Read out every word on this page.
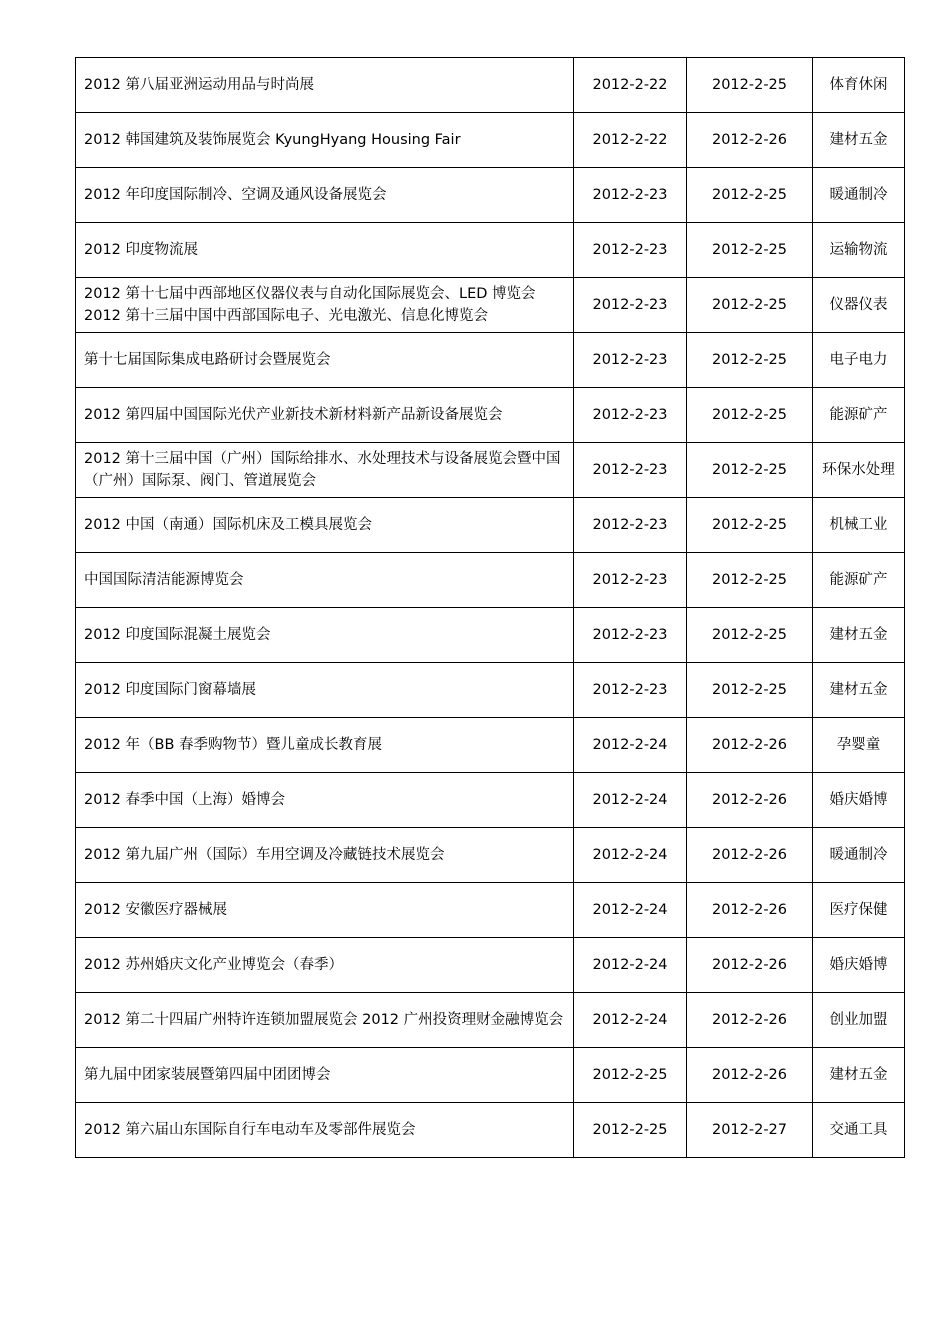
2012 第八届亚洲运动用品与时尚展	2012-2-22	2012-2-25	体育休闲
2012 韩国建筑及装饰展览会 KyungHyang Housing Fair	2012-2-22	2012-2-26	建材五金
2012 年印度国际制冷、空调及通风设备展览会	2012-2-23	2012-2-25	暖通制冷
2012 印度物流展	2012-2-23	2012-2-25	运输物流
2012 第十七届中西部地区仪器仪表与自动化国际展览会、LED 博览会 2012 第十三届中国中西部国际电子、光电激光、信息化博览会	2012-2-23	2012-2-25	仪器仪表
第十七届国际集成电路研讨会暨展览会	2012-2-23	2012-2-25	电子电力
2012 第四届中国国际光伏产业新技术新材料新产品新设备展览会	2012-2-23	2012-2-25	能源矿产
2012 第十三届中国（广州）国际给排水、水处理技术与设备展览会暨中国（广州）国际泵、阀门、管道展览会	2012-2-23	2012-2-25	环保水处理
2012 中国（南通）国际机床及工模具展览会	2012-2-23	2012-2-25	机械工业
中国国际清洁能源博览会	2012-2-23	2012-2-25	能源矿产
2012 印度国际混凝土展览会	2012-2-23	2012-2-25	建材五金
2012 印度国际门窗幕墙展	2012-2-23	2012-2-25	建材五金
2012 年（BB 春季购物节）暨儿童成长教育展	2012-2-24	2012-2-26	孕婴童
2012 春季中国（上海）婚博会	2012-2-24	2012-2-26	婚庆婚博
2012 第九届广州（国际）车用空调及冷藏链技术展览会	2012-2-24	2012-2-26	暖通制冷
2012 安徽医疗器械展	2012-2-24	2012-2-26	医疗保健
2012 苏州婚庆文化产业博览会（春季）	2012-2-24	2012-2-26	婚庆婚博
2012 第二十四届广州特许连锁加盟展览会 2012 广州投资理财金融博览会	2012-2-24	2012-2-26	创业加盟
第九届中团家装展暨第四届中团团博会	2012-2-25	2012-2-26	建材五金
2012 第六届山东国际自行车电动车及零部件展览会	2012-2-25	2012-2-27	交通工具
